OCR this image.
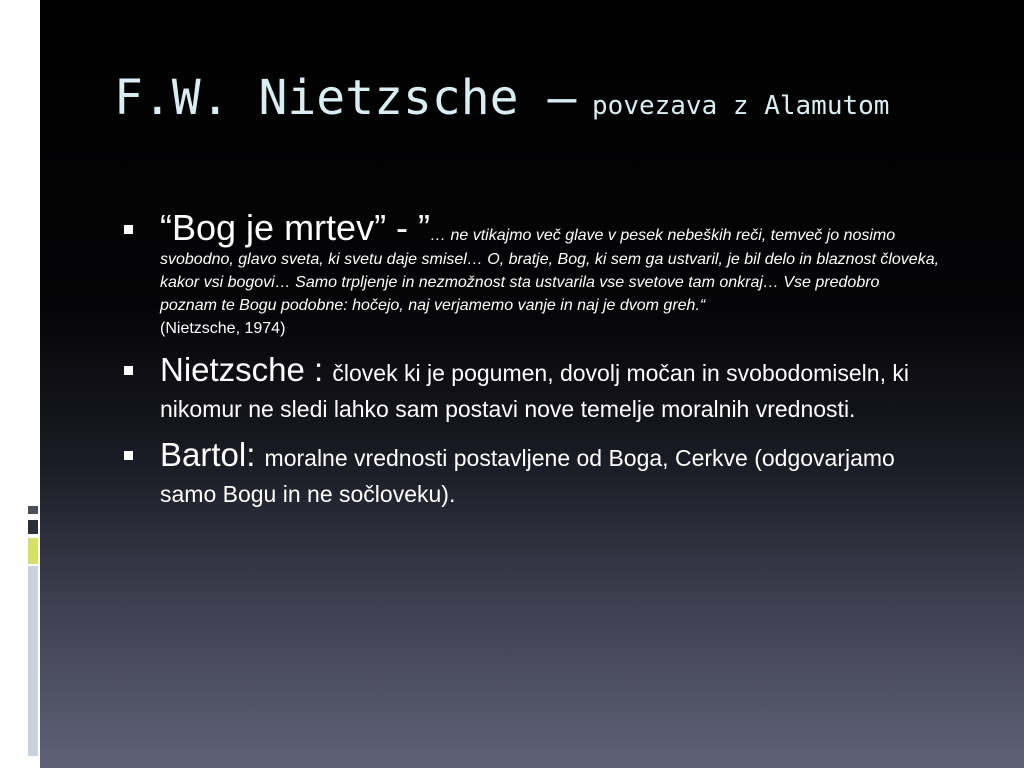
F.W. Nietzsche – povezava z Alamutom
“Bog je mrtev” - ”… ne vtikajmo več glave v pesek nebeških reči, temveč jo nosimo svobodno, glavo sveta, ki svetu daje smisel… O, bratje, Bog, ki sem ga ustvaril, je bil delo in blaznost človeka, kakor vsi bogovi… Samo trpljenje in nezmožnost sta ustvarila vse svetove tam onkraj… Vse predobro poznam te Bogu podobne: hočejo, naj verjamemo vanje in naj je dvom greh.“
(Nietzsche, 1974)
Nietzsche : človek ki je pogumen, dovolj močan in svobodomiseln, ki nikomur ne sledi lahko sam postavi nove temelje moralnih vrednosti.
Bartol: moralne vrednosti postavljene od Boga, Cerkve (odgovarjamo samo Bogu in ne sočloveku).
